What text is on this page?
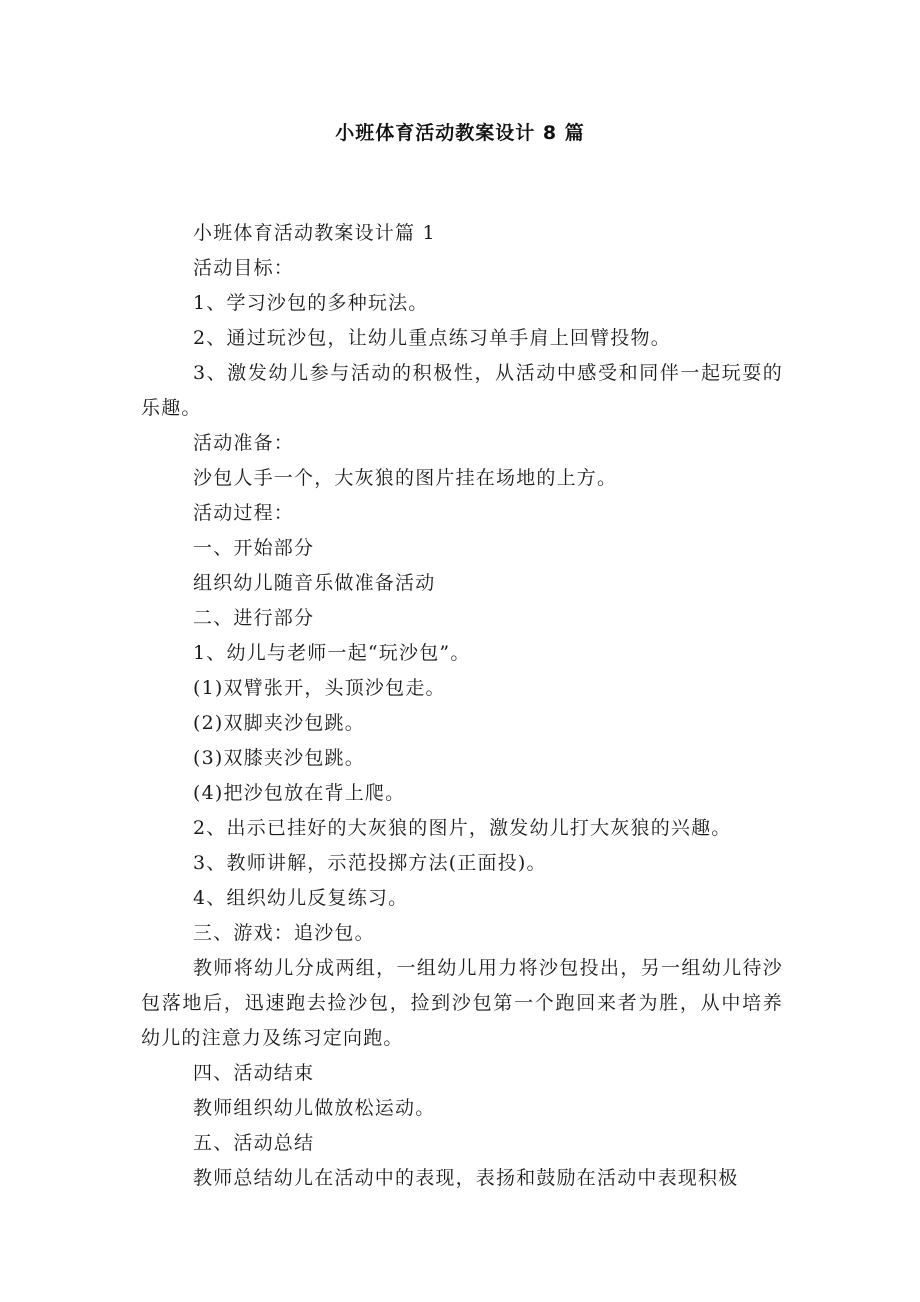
小班体育活动教案设计 8 篇

小班体育活动教案设计篇 1

活动目标：

1、学习沙包的多种玩法。

2、通过玩沙包，让幼儿重点练习单手肩上回臂投物。

3、激发幼儿参与活动的积极性，从活动中感受和同伴一起玩耍的乐趣。

活动准备：

沙包人手一个，大灰狼的图片挂在场地的上方。

活动过程：

一、开始部分

组织幼儿随音乐做准备活动

二、进行部分

1、幼儿与老师一起“玩沙包”。

(1)双臂张开，头顶沙包走。

(2)双脚夹沙包跳。

(3)双膝夹沙包跳。

(4)把沙包放在背上爬。

2、出示已挂好的大灰狼的图片，激发幼儿打大灰狼的兴趣。

3、教师讲解，示范投掷方法(正面投)。

4、组织幼儿反复练习。

三、游戏：追沙包。

教师将幼儿分成两组，一组幼儿用力将沙包投出，另一组幼儿待沙包落地后，迅速跑去捡沙包，捡到沙包第一个跑回来者为胜，从中培养幼儿的注意力及练习定向跑。

四、活动结束

教师组织幼儿做放松运动。

五、活动总结

教师总结幼儿在活动中的表现，表扬和鼓励在活动中表现积极
